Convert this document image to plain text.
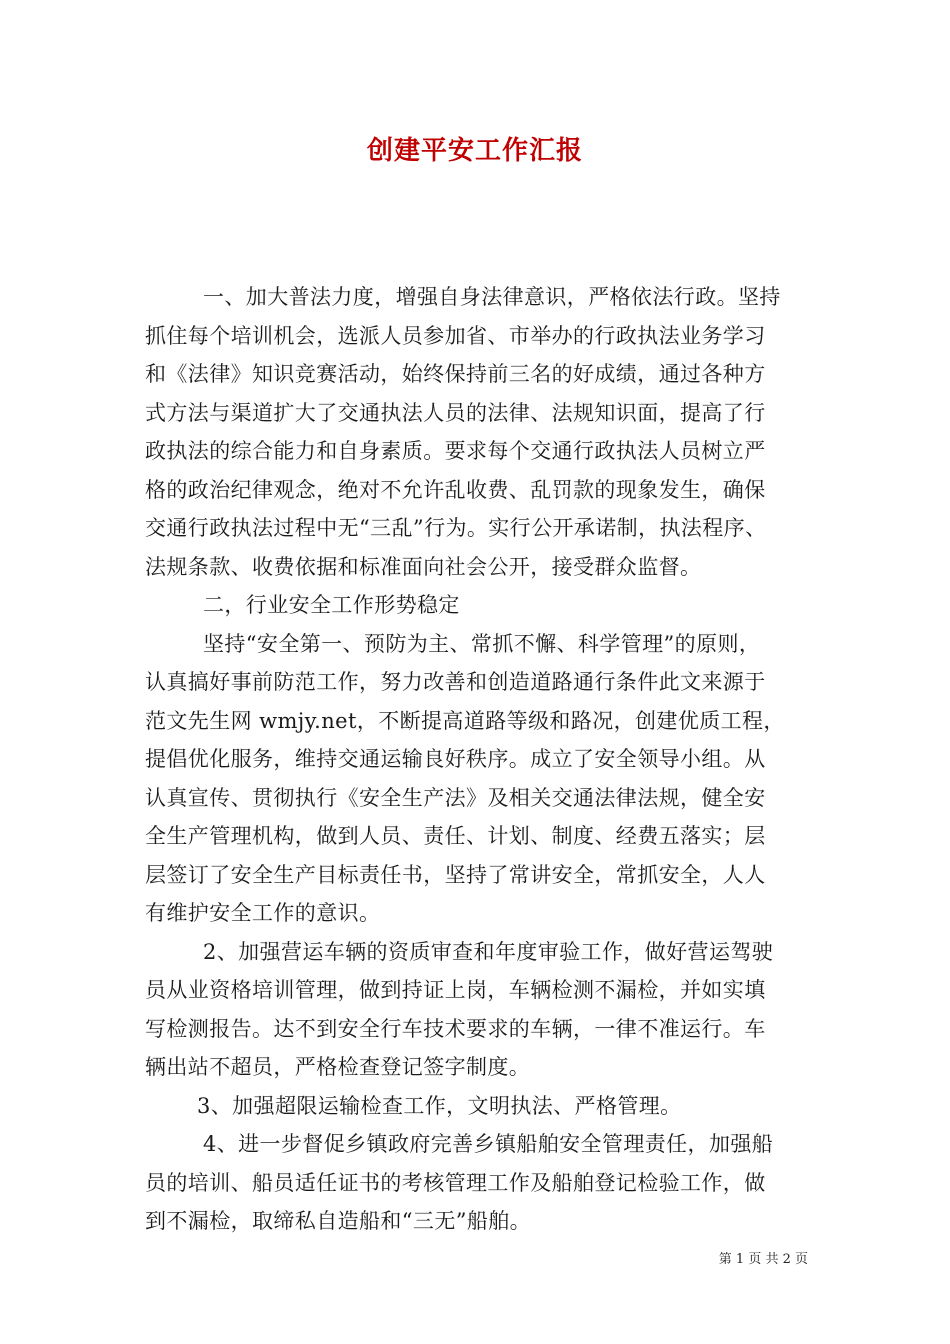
创建平安工作汇报
一、加大普法力度，增强自身法律意识，严格依法行政。坚持
抓住每个培训机会，选派人员参加省、市举办的行政执法业务学习
和《法律》知识竞赛活动，始终保持前三名的好成绩，通过各种方
式方法与渠道扩大了交通执法人员的法律、法规知识面，提高了行
政执法的综合能力和自身素质。要求每个交通行政执法人员树立严
格的政治纪律观念，绝对不允许乱收费、乱罚款的现象发生，确保
交通行政执法过程中无“三乱”行为。实行公开承诺制，执法程序、
法规条款、收费依据和标准面向社会公开，接受群众监督。
二，行业安全工作形势稳定
坚持“安全第一、预防为主、常抓不懈、科学管理”的原则，
认真搞好事前防范工作，努力改善和创造道路通行条件此文来源于
范文先生网 wmjy.net，不断提高道路等级和路况，创建优质工程，
提倡优化服务，维持交通运输良好秩序。成立了安全领导小组。从
认真宣传、贯彻执行《安全生产法》及相关交通法律法规，健全安
全生产管理机构，做到人员、责任、计划、制度、经费五落实；层
层签订了安全生产目标责任书，坚持了常讲安全，常抓安全，人人
有维护安全工作的意识。
2、加强营运车辆的资质审查和年度审验工作，做好营运驾驶
员从业资格培训管理，做到持证上岗，车辆检测不漏检，并如实填
写检测报告。达不到安全行车技术要求的车辆，一律不准运行。车
辆出站不超员，严格检查登记签字制度。
3、加强超限运输检查工作，文明执法、严格管理。
4、进一步督促乡镇政府完善乡镇船舶安全管理责任，加强船
员的培训、船员适任证书的考核管理工作及船舶登记检验工作，做
到不漏检，取缔私自造船和“三无”船舶。
第 1 页 共 2 页
